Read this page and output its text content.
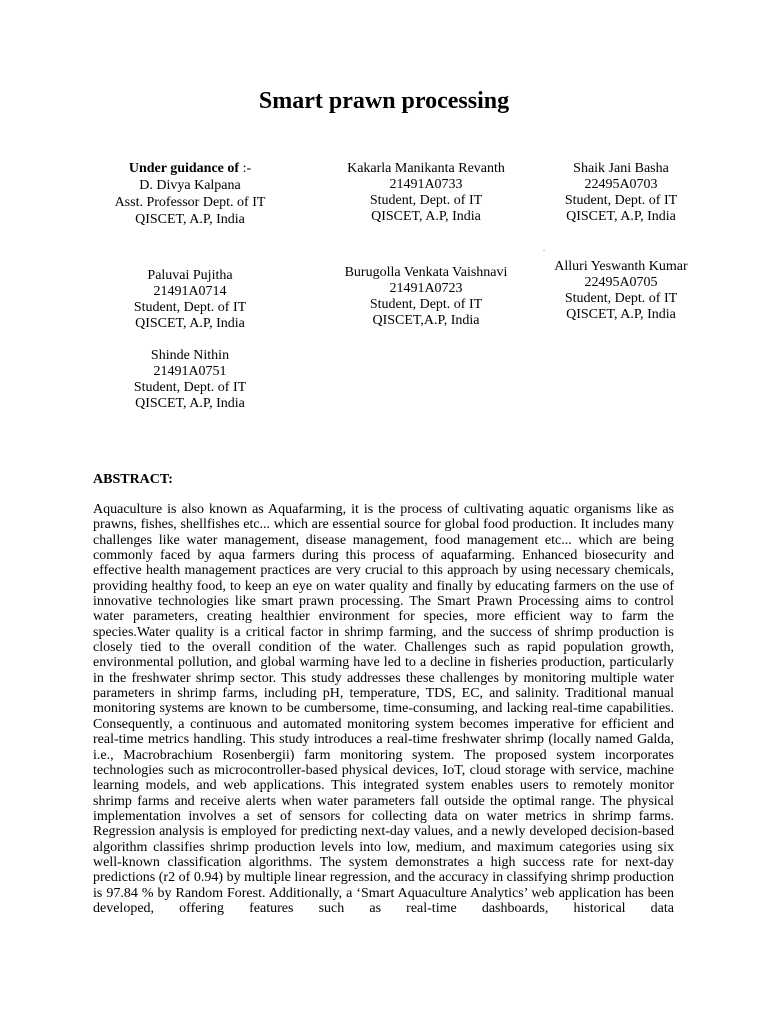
Smart prawn processing
Under guidance of :-
D. Divya Kalpana
Asst. Professor Dept. of IT
QISCET, A.P, India
Kakarla Manikanta Revanth
21491A0733
Student, Dept. of IT
QISCET, A.P, India
Shaik Jani Basha
22495A0703
Student, Dept. of IT
QISCET, A.P, India
.
Paluvai Pujitha
21491A0714
Student, Dept. of IT
QISCET, A.P, India
Burugolla Venkata Vaishnavi
21491A0723
Student, Dept. of IT
QISCET,A.P, India
Alluri Yeswanth Kumar
22495A0705
Student, Dept. of IT
QISCET, A.P, India
Shinde Nithin
21491A0751
Student, Dept. of IT
QISCET, A.P, India
ABSTRACT:

Aquaculture is also known as Aquafarming, it is the process of cultivating aquatic organisms like as prawns, fishes, shellfishes etc... which are essential source for global food production. It includes many challenges like water management, disease management, food management etc... which are being commonly faced by aqua farmers during this process of aquafarming. Enhanced biosecurity and effective health management practices are very crucial to this approach by using necessary chemicals, providing healthy food, to keep an eye on water quality and finally by educating farmers on the use of innovative technologies like smart prawn processing. The Smart Prawn Processing aims to control water parameters, creating healthier environment for species, more efficient way to farm the species.Water quality is a critical factor in shrimp farming, and the success of shrimp production is closely tied to the overall condition of the water. Challenges such as rapid population growth, environmental pollution, and global warming have led to a decline in fisheries production, particularly in the freshwater shrimp sector. This study addresses these challenges by monitoring multiple water parameters in shrimp farms, including pH, temperature, TDS, EC, and salinity. Traditional manual monitoring systems are known to be cumbersome, time-consuming, and lacking real-time capabilities. Consequently, a continuous and automated monitoring system becomes imperative for efficient and real-time metrics handling. This study introduces a real-time freshwater shrimp (locally named Galda, i.e., Macrobrachium Rosenbergii) farm monitoring system. The proposed system incorporates technologies such as microcontroller-based physical devices, IoT, cloud storage with service, machine learning models, and web applications. This integrated system enables users to remotely monitor shrimp farms and receive alerts when water parameters fall outside the optimal range. The physical implementation involves a set of sensors for collecting data on water metrics in shrimp farms. Regression analysis is employed for predicting next-day values, and a newly developed decision-based algorithm classifies shrimp production levels into low, medium, and maximum categories using six well-known classification algorithms. The system demonstrates a high success rate for next-day predictions (r2 of 0.94) by multiple linear regression, and the accuracy in classifying shrimp production is 97.84 % by Random Forest. Additionally, a ‘Smart Aquaculture Analytics’ web application has been developed, offering features such as real-time dashboards, historical data
